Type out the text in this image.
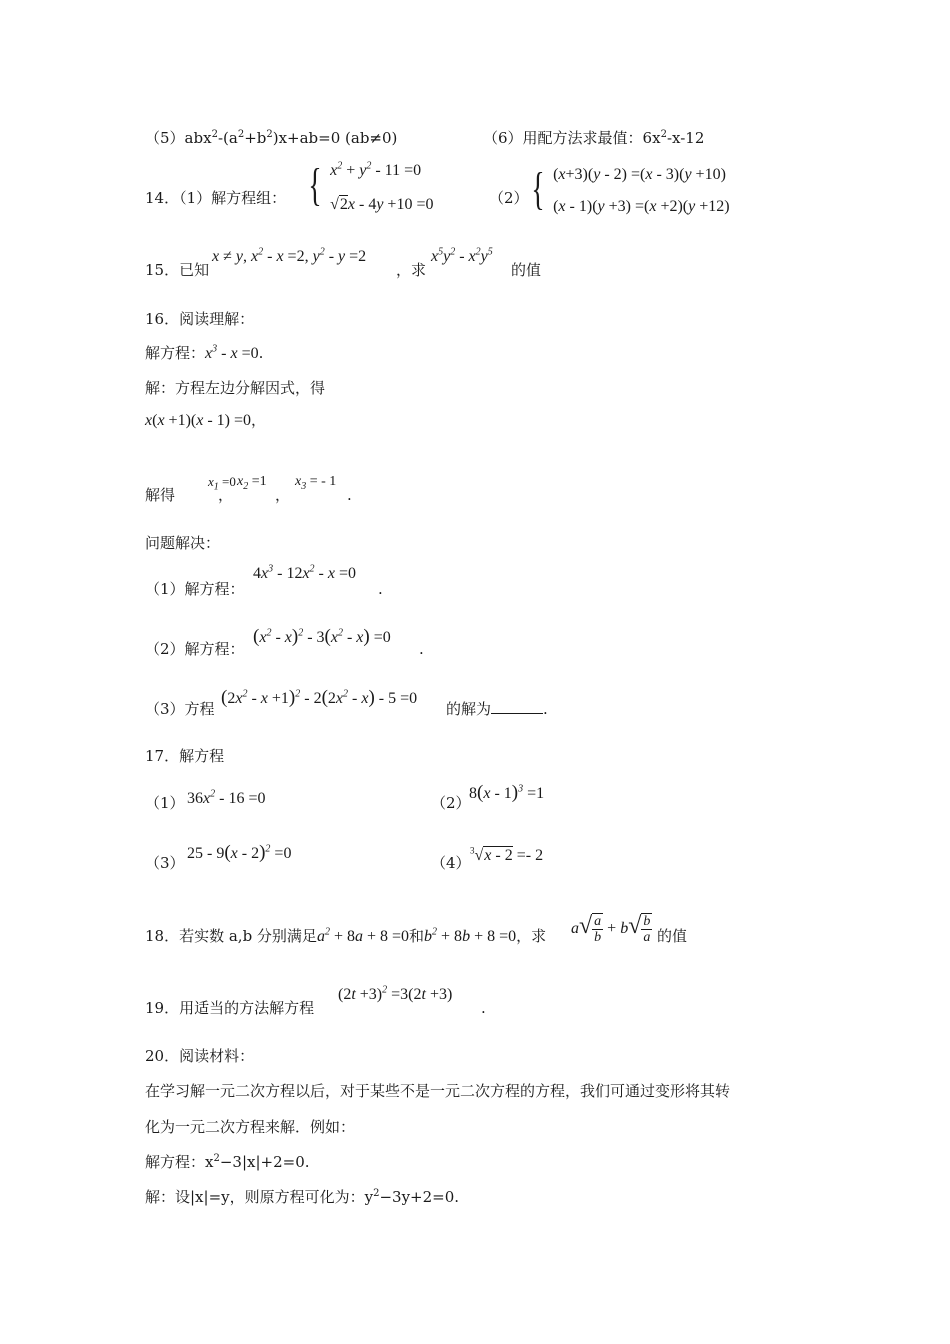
$(5)abx^2-(a^2+b^2)x+ab=0$ (ab≠0)	（6）用配方法求最值：$6x^2-x-12$
14．（1）解方程组： { $x^2 + y^2 - 11 =0$
√2x - 4y +10 =0	（2） { (x+3)(y - 2) =(x - 3)(y +10)
(x - 1)(y +3) =(x +2)(y +12)
15．已知
x ≠ y, $x^2 - x =2$, $y^2 - y =2$
，求
$x^5y^2 - x^2y^5$
的值
16．阅读理解：
解方程：$x^3 - x =0$.
解：方程左边分解因式，得
x(x +1)(x - 1) =0，
解得
$x_1 =0$
，
$x_2 =1$
，
$x_3$ = - 1
.
问题解决：
（1）解方程：
$4x^3 - 12x^2 - x =0$
.
（2）解方程：
$(x^2 - x)^2 - 3(x^2 - x) =0$
.
（3）方程
$(2x^2 - x +1)^2 - 2(2x^2 - x) - 5 =0$
的解为	.
17．解方程
（1） $36x^2 - 16 =0$	（2）
8(x - 1)$^3$ =1
（3）
25 - 9(x - 2)$^2$ =0
（4）
$^3$√x - 2 =- 2
18．若实数 a,b 分别满足$a^2 + 8a + 8 =0$和$b^2 + 8b + 8 =0$，求 $a√ \frac{a}{b} + b√ \frac{b}{a}$ 的值
19．用适当的方法解方程
$(2t +3)^2 =3(2t +3)$
.
20．阅读材料：
在学习解一元二次方程以后，对于某些不是一元二次方程的方程，我们可通过变形将其转
化为一元二次方程来解．例如：
解方程：$x^2-3|x|+2=0$.
解：设|x|=y，则原方程可化为：$y^2-3y+2=0$.
